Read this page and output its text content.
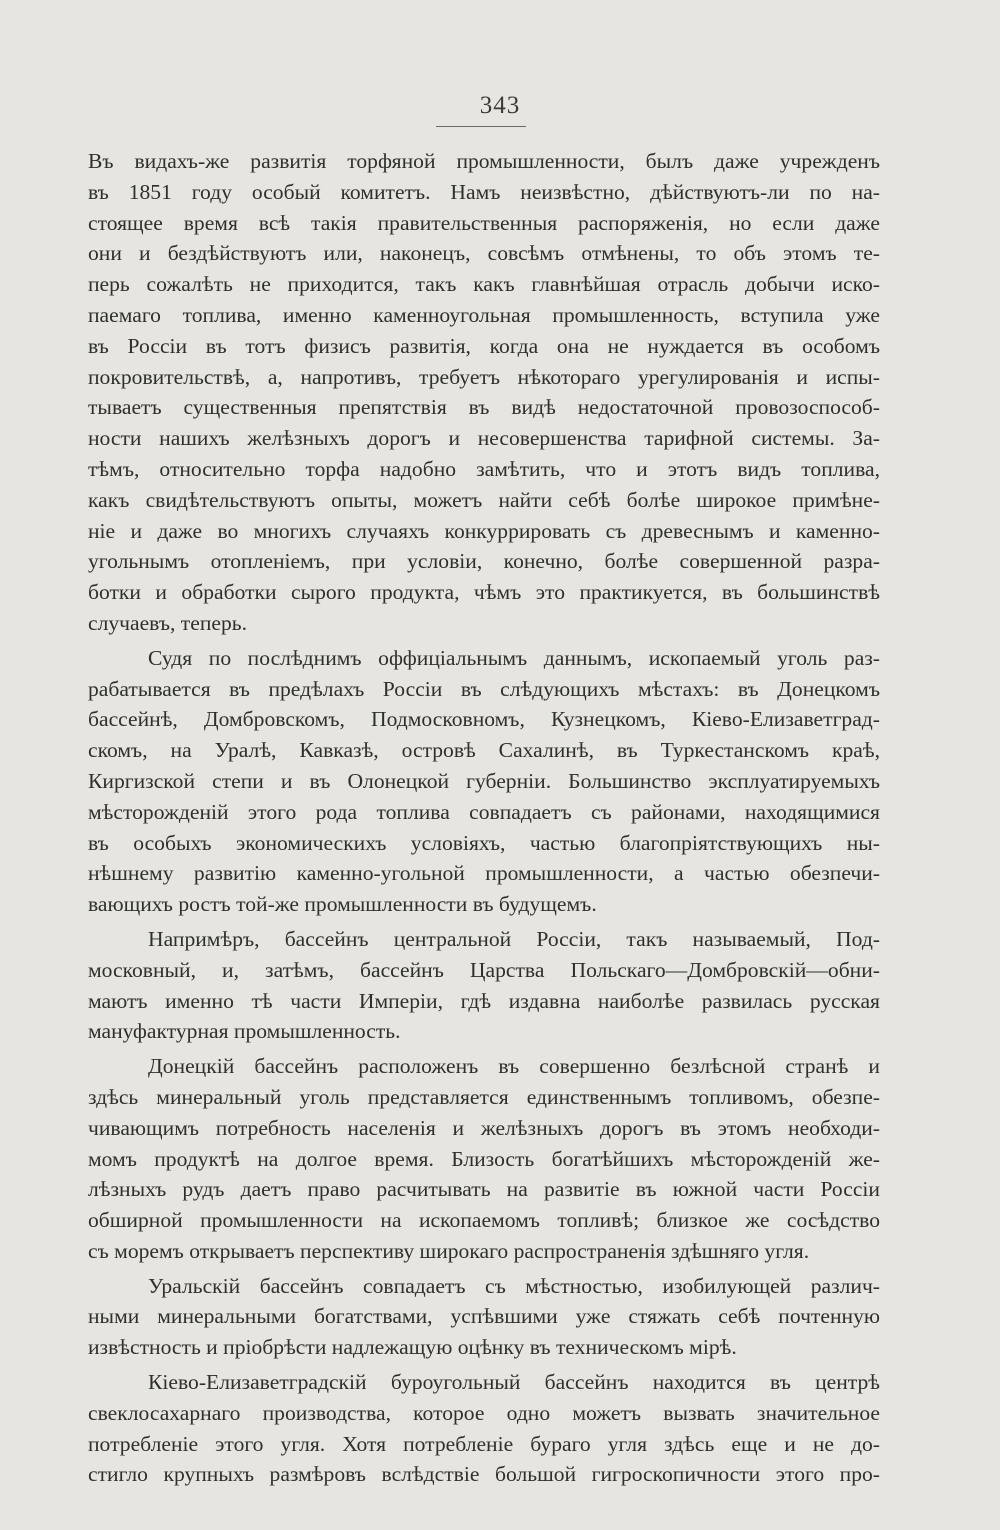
343
Въ видахъ-же развитія торфяной промышленности, былъ даже учрежденъ
въ 1851 году особый комитетъ. Намъ неизвѣстно, дѣйствуютъ-ли по на-
стоящее время всѣ такія правительственныя распоряженія, но если даже
они и бездѣйствуютъ или, наконецъ, совсѣмъ отмѣнены, то объ этомъ те-
перь сожалѣть не приходится, такъ какъ главнѣйшая отрасль добычи иско-
паемаго топлива, именно каменноугольная промышленность, вступила уже
въ Россіи въ тотъ физисъ развитія, когда она не нуждается въ особомъ
покровительствѣ, а, напротивъ, требуетъ нѣкотораго урегулированія и испы-
тываетъ существенныя препятствія въ видѣ недостаточной провозоспособ-
ности нашихъ желѣзныхъ дорогъ и несовершенства тарифной системы. За-
тѣмъ, относительно торфа надобно замѣтить, что и этотъ видъ топлива,
какъ свидѣтельствуютъ опыты, можетъ найти себѣ болѣе широкое примѣне-
ніе и даже во многихъ случаяхъ конкуррировать съ древеснымъ и каменно-
угольнымъ отопленіемъ, при условіи, конечно, болѣе совершенной разра-
ботки и обработки сырого продукта, чѣмъ это практикуется, въ большинствѣ
случаевъ, теперь.
Судя по послѣднимъ оффиціальнымъ даннымъ, ископаемый уголь раз-
рабатывается въ предѣлахъ Россіи въ слѣдующихъ мѣстахъ: въ Донецкомъ
бассейнѣ, Домбровскомъ, Подмосковномъ, Кузнецкомъ, Кіево-Елизаветград-
скомъ, на Уралѣ, Кавказѣ, островѣ Сахалинѣ, въ Туркестанскомъ краѣ,
Киргизской степи и въ Олонецкой губерніи. Большинство эксплуатируемыхъ
мѣсторожденій этого рода топлива совпадаетъ съ районами, находящимися
въ особыхъ экономическихъ условіяхъ, частью благопріятствующихъ ны-
нѣшнему развитію каменно-угольной промышленности, а частью обезпечи-
вающихъ ростъ той-же промышленности въ будущемъ.
Напримѣръ, бассейнъ центральной Россіи, такъ называемый, Под-
московный, и, затѣмъ, бассейнъ Царства Польскаго—Домбровскій—обни-
маютъ именно тѣ части Имперіи, гдѣ издавна наиболѣе развилась русская
мануфактурная промышленность.
Донецкій бассейнъ расположенъ въ совершенно безлѣсной странѣ и
здѣсь минеральный уголь представляется единственнымъ топливомъ, обезпе-
чивающимъ потребность населенія и желѣзныхъ дорогъ въ этомъ необходи-
момъ продуктѣ на долгое время. Близость богатѣйшихъ мѣсторожденій же-
лѣзныхъ рудъ даетъ право расчитывать на развитіе въ южной части Россіи
обширной промышленности на ископаемомъ топливѣ; близкое же сосѣдство
съ моремъ открываетъ перспективу широкаго распространенія здѣшняго угля.
Уральскій бассейнъ совпадаетъ съ мѣстностью, изобилующей различ-
ными минеральными богатствами, успѣвшими уже стяжать себѣ почтенную
извѣстность и пріобрѣсти надлежащую оцѣнку въ техническомъ мірѣ.
Кіево-Елизаветградскій буроугольный бассейнъ находится въ центрѣ
свеклосахарнаго производства, которое одно можетъ вызвать значительное
потребленіе этого угля. Хотя потребленіе бураго угля здѣсь еще и не до-
стигло крупныхъ размѣровъ вслѣдствіе большой гигроскопичности этого про-
